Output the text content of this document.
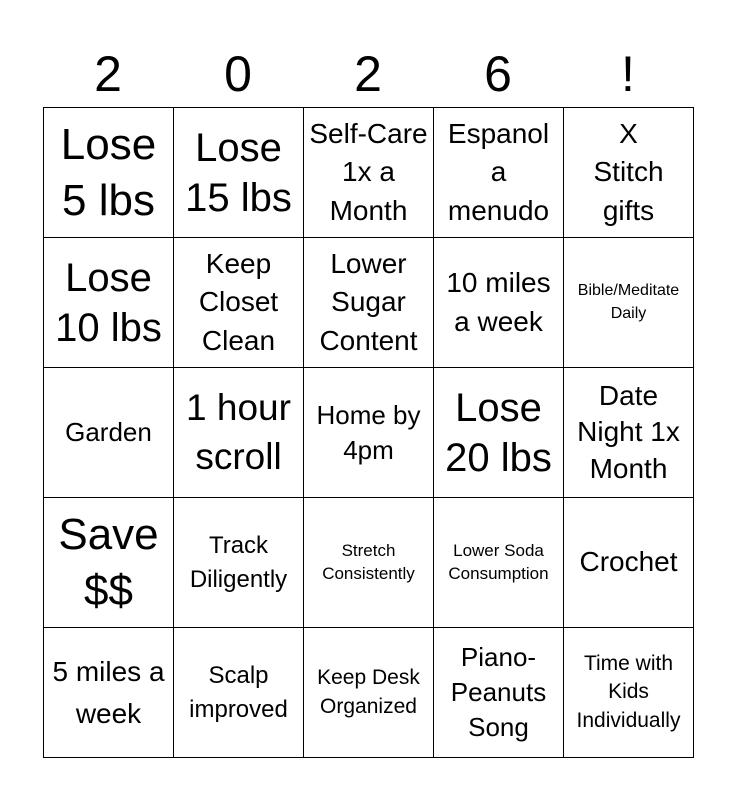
2	0	2	6	!
Lose 5 lbs
Lose 15 lbs
Self-Care 1x a Month
Espanol a menudo
X Stitch gifts
Lose 10 lbs
Keep Closet Clean
Lower Sugar Content
10 miles a week
Bible/Meditate Daily
Garden
1 hour scroll
Home by 4pm
Lose 20 lbs
Date Night 1x Month
Save $$
Track Diligently
Stretch Consistently
Lower Soda Consumption	Crochet
5 miles a week
Scalp improved
Keep Desk Organized
Piano-Peanuts Song
Time with Kids Individually
